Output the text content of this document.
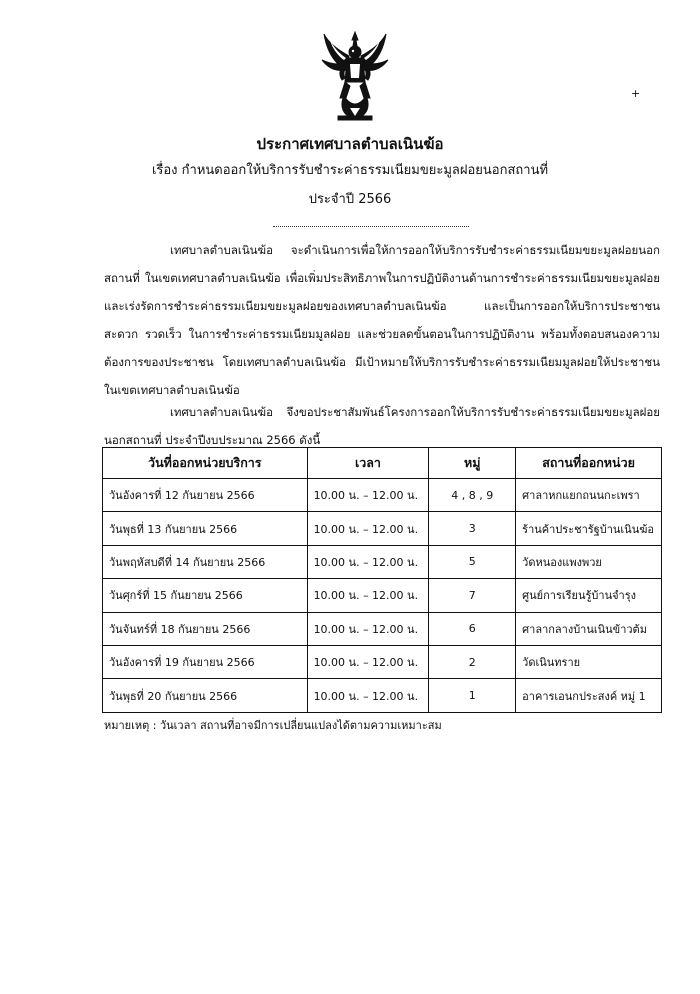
+
ประกาศเทศบาลตำบลเนินฆ้อ
เรื่อง กำหนดออกให้บริการรับชำระค่าธรรมเนียมขยะมูลฝอยนอกสถานที่
ประจำปี 2566

เทศบาลตำบลเนินฆ้อ จะดำเนินการเพื่อให้การออกให้บริการรับชำระค่าธรรมเนียมขยะมูลฝอยนอกสถานที่ ในเขตเทศบาลตำบลเนินฆ้อ เพื่อเพิ่มประสิทธิภาพในการปฏิบัติงานด้านการชำระค่าธรรมเนียมขยะมูลฝอยและเร่งรัดการชำระค่าธรรมเนียมขยะมูลฝอยของเทศบาลตำบลเนินฆ้อ และเป็นการออกให้บริการประชาชนสะดวก รวดเร็ว ในการชำระค่าธรรมเนียมมูลฝอย และช่วยลดขั้นตอนในการปฏิบัติงาน พร้อมทั้งตอบสนองความต้องการของประชาชน โดยเทศบาลตำบลเนินฆ้อ มีเป้าหมายให้บริการรับชำระค่าธรรมเนียมมูลฝอยให้ประชาชน ในเขตเทศบาลตำบลเนินฆ้อ

เทศบาลตำบลเนินฆ้อ จึงขอประชาสัมพันธ์โครงการออกให้บริการรับชำระค่าธรรมเนียมขยะมูลฝอยนอกสถานที่ ประจำปีงบประมาณ 2566 ดังนี้

วันที่ออกหน่วยบริการ	เวลา	หมู่	สถานที่ออกหน่วย
วันอังคารที่ 12 กันยายน 2566	10.00 น. – 12.00 น.	4 , 8 , 9	ศาลาหกแยกถนนกะเพรา
วันพุธที่ 13 กันยายน 2566	10.00 น. – 12.00 น.	3	ร้านค้าประชารัฐบ้านเนินฆ้อ
วันพฤหัสบดีที่ 14 กันยายน 2566	10.00 น. – 12.00 น.	5	วัดหนองแพงพวย
วันศุกร์ที่ 15 กันยายน 2566	10.00 น. – 12.00 น.	7	ศูนย์การเรียนรู้บ้านจำรุง
วันจันทร์ที่ 18 กันยายน 2566	10.00 น. – 12.00 น.	6	ศาลากลางบ้านเนินข้าวต้ม
วันอังคารที่ 19 กันยายน 2566	10.00 น. – 12.00 น.	2	วัดเนินทราย
วันพุธที่ 20 กันยายน 2566	10.00 น. – 12.00 น.	1	อาคารเอนกประสงค์ หมู่ 1
หมายเหตุ : วันเวลา สถานที่อาจมีการเปลี่ยนแปลงได้ตามความเหมาะสม
